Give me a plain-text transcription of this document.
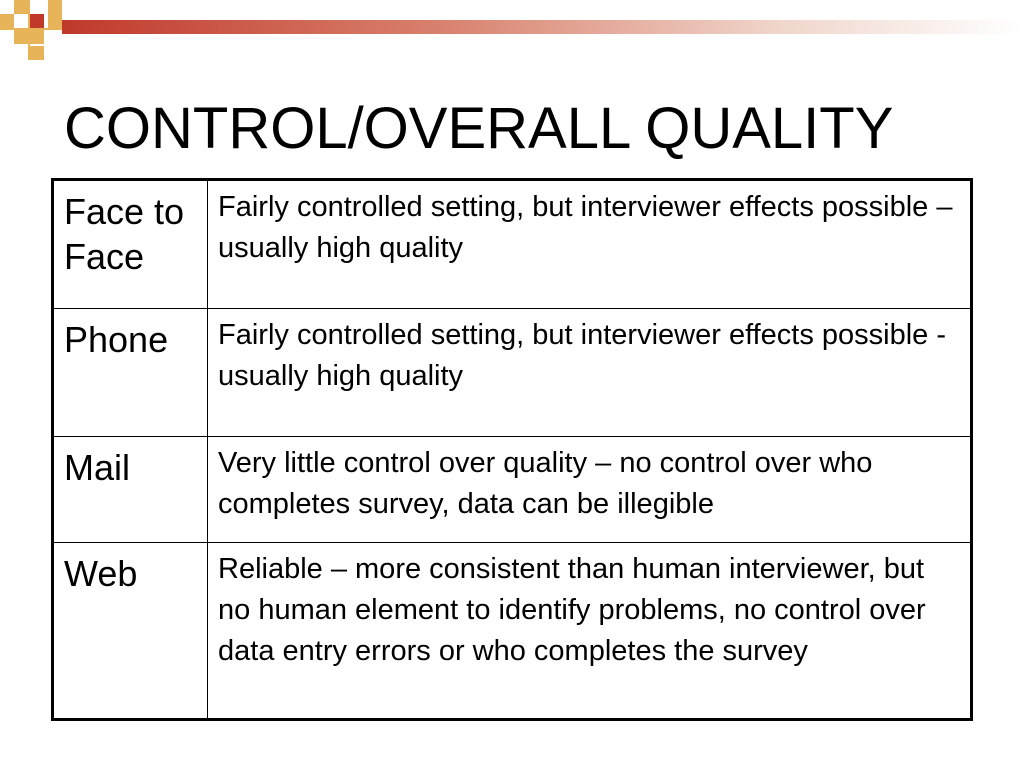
CONTROL/OVERALL QUALITY
Face to Face	Fairly controlled setting, but interviewer effects possible – usually high quality
Phone	Fairly controlled setting, but interviewer effects possible - usually high quality
Mail	Very little control over quality – no control over who completes survey, data can be illegible
Web	Reliable – more consistent than human interviewer, but no human element to identify problems, no control over data entry errors or who completes the survey
